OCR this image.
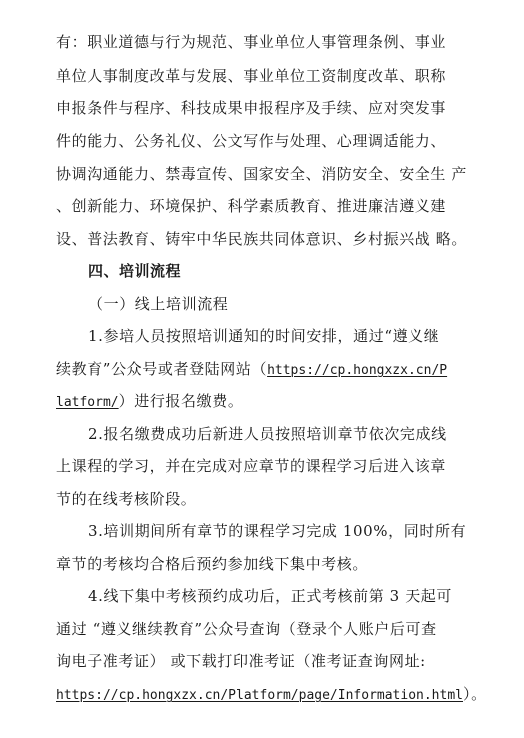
有：职业道德与行为规范、事业单位人事管理条例、事业
单位人事制度改革与发展、事业单位工资制度改革、职称
申报条件与程序、科技成果申报程序及手续、应对突发事
件的能力、公务礼仪、公文写作与处理、心理调适能力、
协调沟通能力、禁毒宣传、国家安全、消防安全、安全生 产
、创新能力、环境保护、科学素质教育、推进廉洁遵义建
设、普法教育、铸牢中华民族共同体意识、乡村振兴战 略。
四、培训流程
（一）线上培训流程
1.参培人员按照培训通知的时间安排，通过“遵义继
续教育”公众号或者登陆网站（https://cp.hongxzx.cn/P
latform/）进行报名缴费。
2.报名缴费成功后新进人员按照培训章节依次完成线
上课程的学习，并在完成对应章节的课程学习后进入该章
节的在线考核阶段。
3.培训期间所有章节的课程学习完成 100%，同时所有
章节的考核均合格后预约参加线下集中考核。
4.线下集中考核预约成功后，正式考核前第 3 天起可
通过 “遵义继续教育”公众号查询（登录个人账户后可查
询电子准考证） 或下载打印准考证（准考证查询网址:
https://cp.hongxzx.cn/Platform/page/Information.html）。
